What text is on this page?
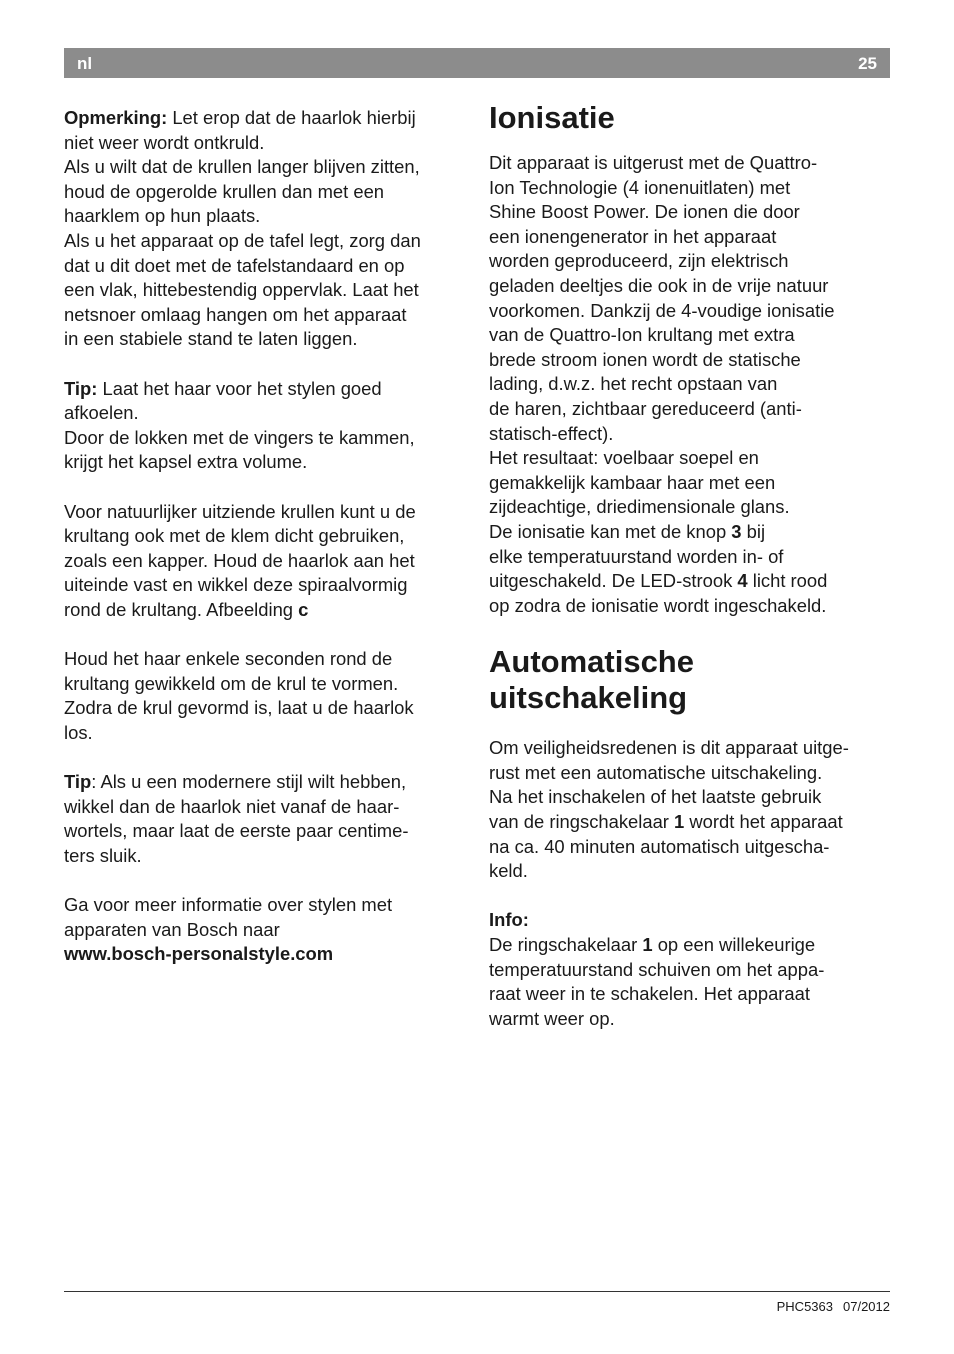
nl	25

Opmerking: Let erop dat de haarlok hierbij
niet weer wordt ontkruld.
Als u wilt dat de krullen langer blijven zitten,
houd de opgerolde krullen dan met een
haarklem op hun plaats.
Als u het apparaat op de tafel legt, zorg dan
dat u dit doet met de tafelstandaard en op
een vlak, hittebestendig oppervlak. Laat het
netsnoer omlaag hangen om het apparaat
in een stabiele stand te laten liggen.

Tip: Laat het haar voor het stylen goed
afkoelen.
Door de lokken met de vingers te kammen,
krijgt het kapsel extra volume.

Voor natuurlijker uitziende krullen kunt u de
krultang ook met de klem dicht gebruiken,
zoals een kapper. Houd de haarlok aan het
uiteinde vast en wikkel deze spiraalvormig
rond de krultang. Afbeelding c

Houd het haar enkele seconden rond de
krultang gewikkeld om de krul te vormen.
Zodra de krul gevormd is, laat u de haarlok
los.

Tip: Als u een modernere stijl wilt hebben,
wikkel dan de haarlok niet vanaf de haar-
wortels, maar laat de eerste paar centime-
ters sluik.

Ga voor meer informatie over stylen met
apparaten van Bosch naar

www.bosch-personalstyle.com

Ionisatie

Dit apparaat is uitgerust met de Quattro-
Ion Technologie (4 ionenuitlaten) met
Shine Boost Power. De ionen die door
een ionengenerator in het apparaat
worden geproduceerd, zijn elektrisch
geladen deeltjes die ook in de vrije natuur
voorkomen. Dankzij de 4-voudige ionisatie
van de Quattro-Ion krultang met extra
brede stroom ionen wordt de statische
lading, d.w.z. het recht opstaan van
de haren, zichtbaar gereduceerd (anti-
statisch-effect).
Het resultaat: voelbaar soepel en
gemakkelijk kambaar haar met een
zijdeachtige, driedimensionale glans.
De ionisatie kan met de knop 3 bij
elke temperatuurstand worden in- of
uitgeschakeld. De LED-strook 4 licht rood
op zodra de ionisatie wordt ingeschakeld.

Automatische
uitschakeling

Om veiligheidsredenen is dit apparaat uitge-
rust met een automatische uitschakeling.
Na het inschakelen of het laatste gebruik
van de ringschakelaar 1 wordt het apparaat
na ca. 40 minuten automatisch uitgescha-
keld.

Info:

De ringschakelaar 1 op een willekeurige
temperatuurstand schuiven om het appa-
raat weer in te schakelen. Het apparaat
warmt weer op.

PHC5363 07/2012
